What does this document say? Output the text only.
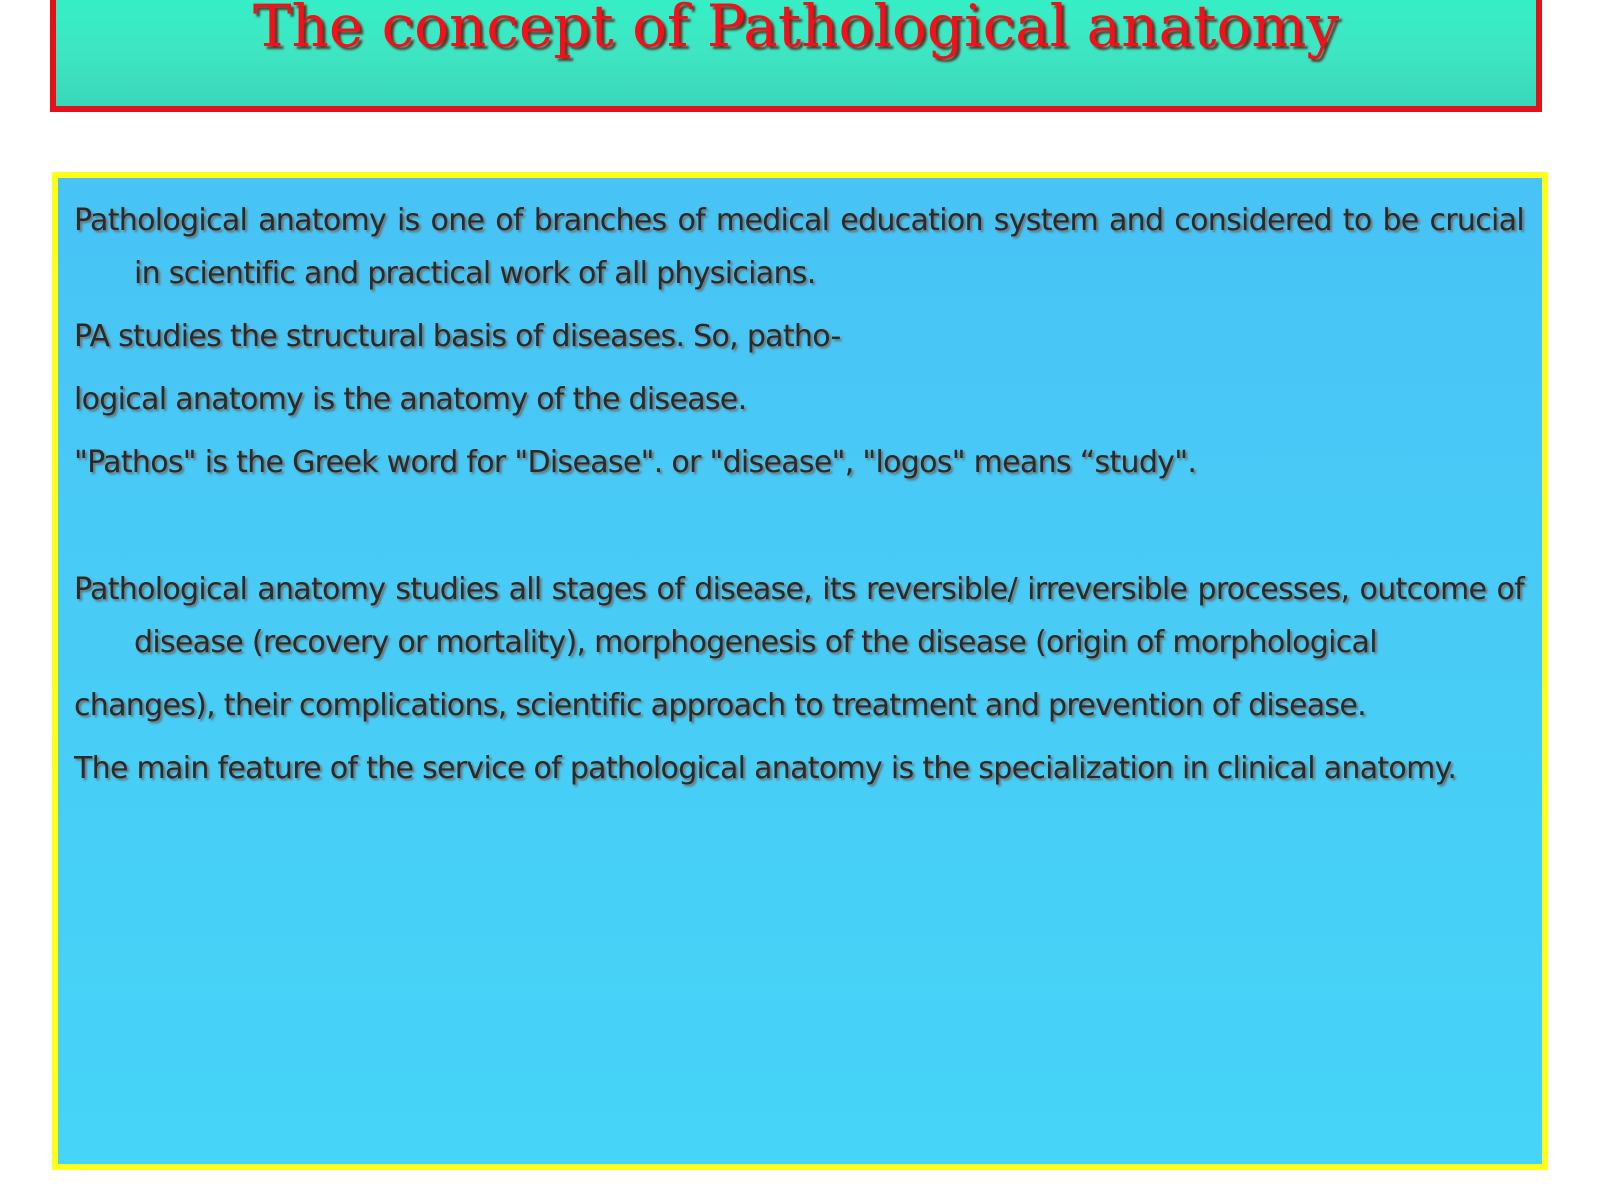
The concept of Pathological anatomy

Pathological anatomy is one of branches of medical education system and considered to be crucial in scientific and practical work of all physicians.

PA studies the structural basis of diseases. So, patho-

logical anatomy is the anatomy of the disease.

"Pathos" is the Greek word for "Disease". or "disease", "logos" means “study".

Pathological anatomy studies all stages of disease, its reversible/ irreversible processes, outcome of disease (recovery or mortality), morphogenesis of the disease (origin of morphological

changes), their complications, scientific approach to treatment and prevention of disease.

The main feature of the service of pathological anatomy is the specialization in clinical anatomy.
